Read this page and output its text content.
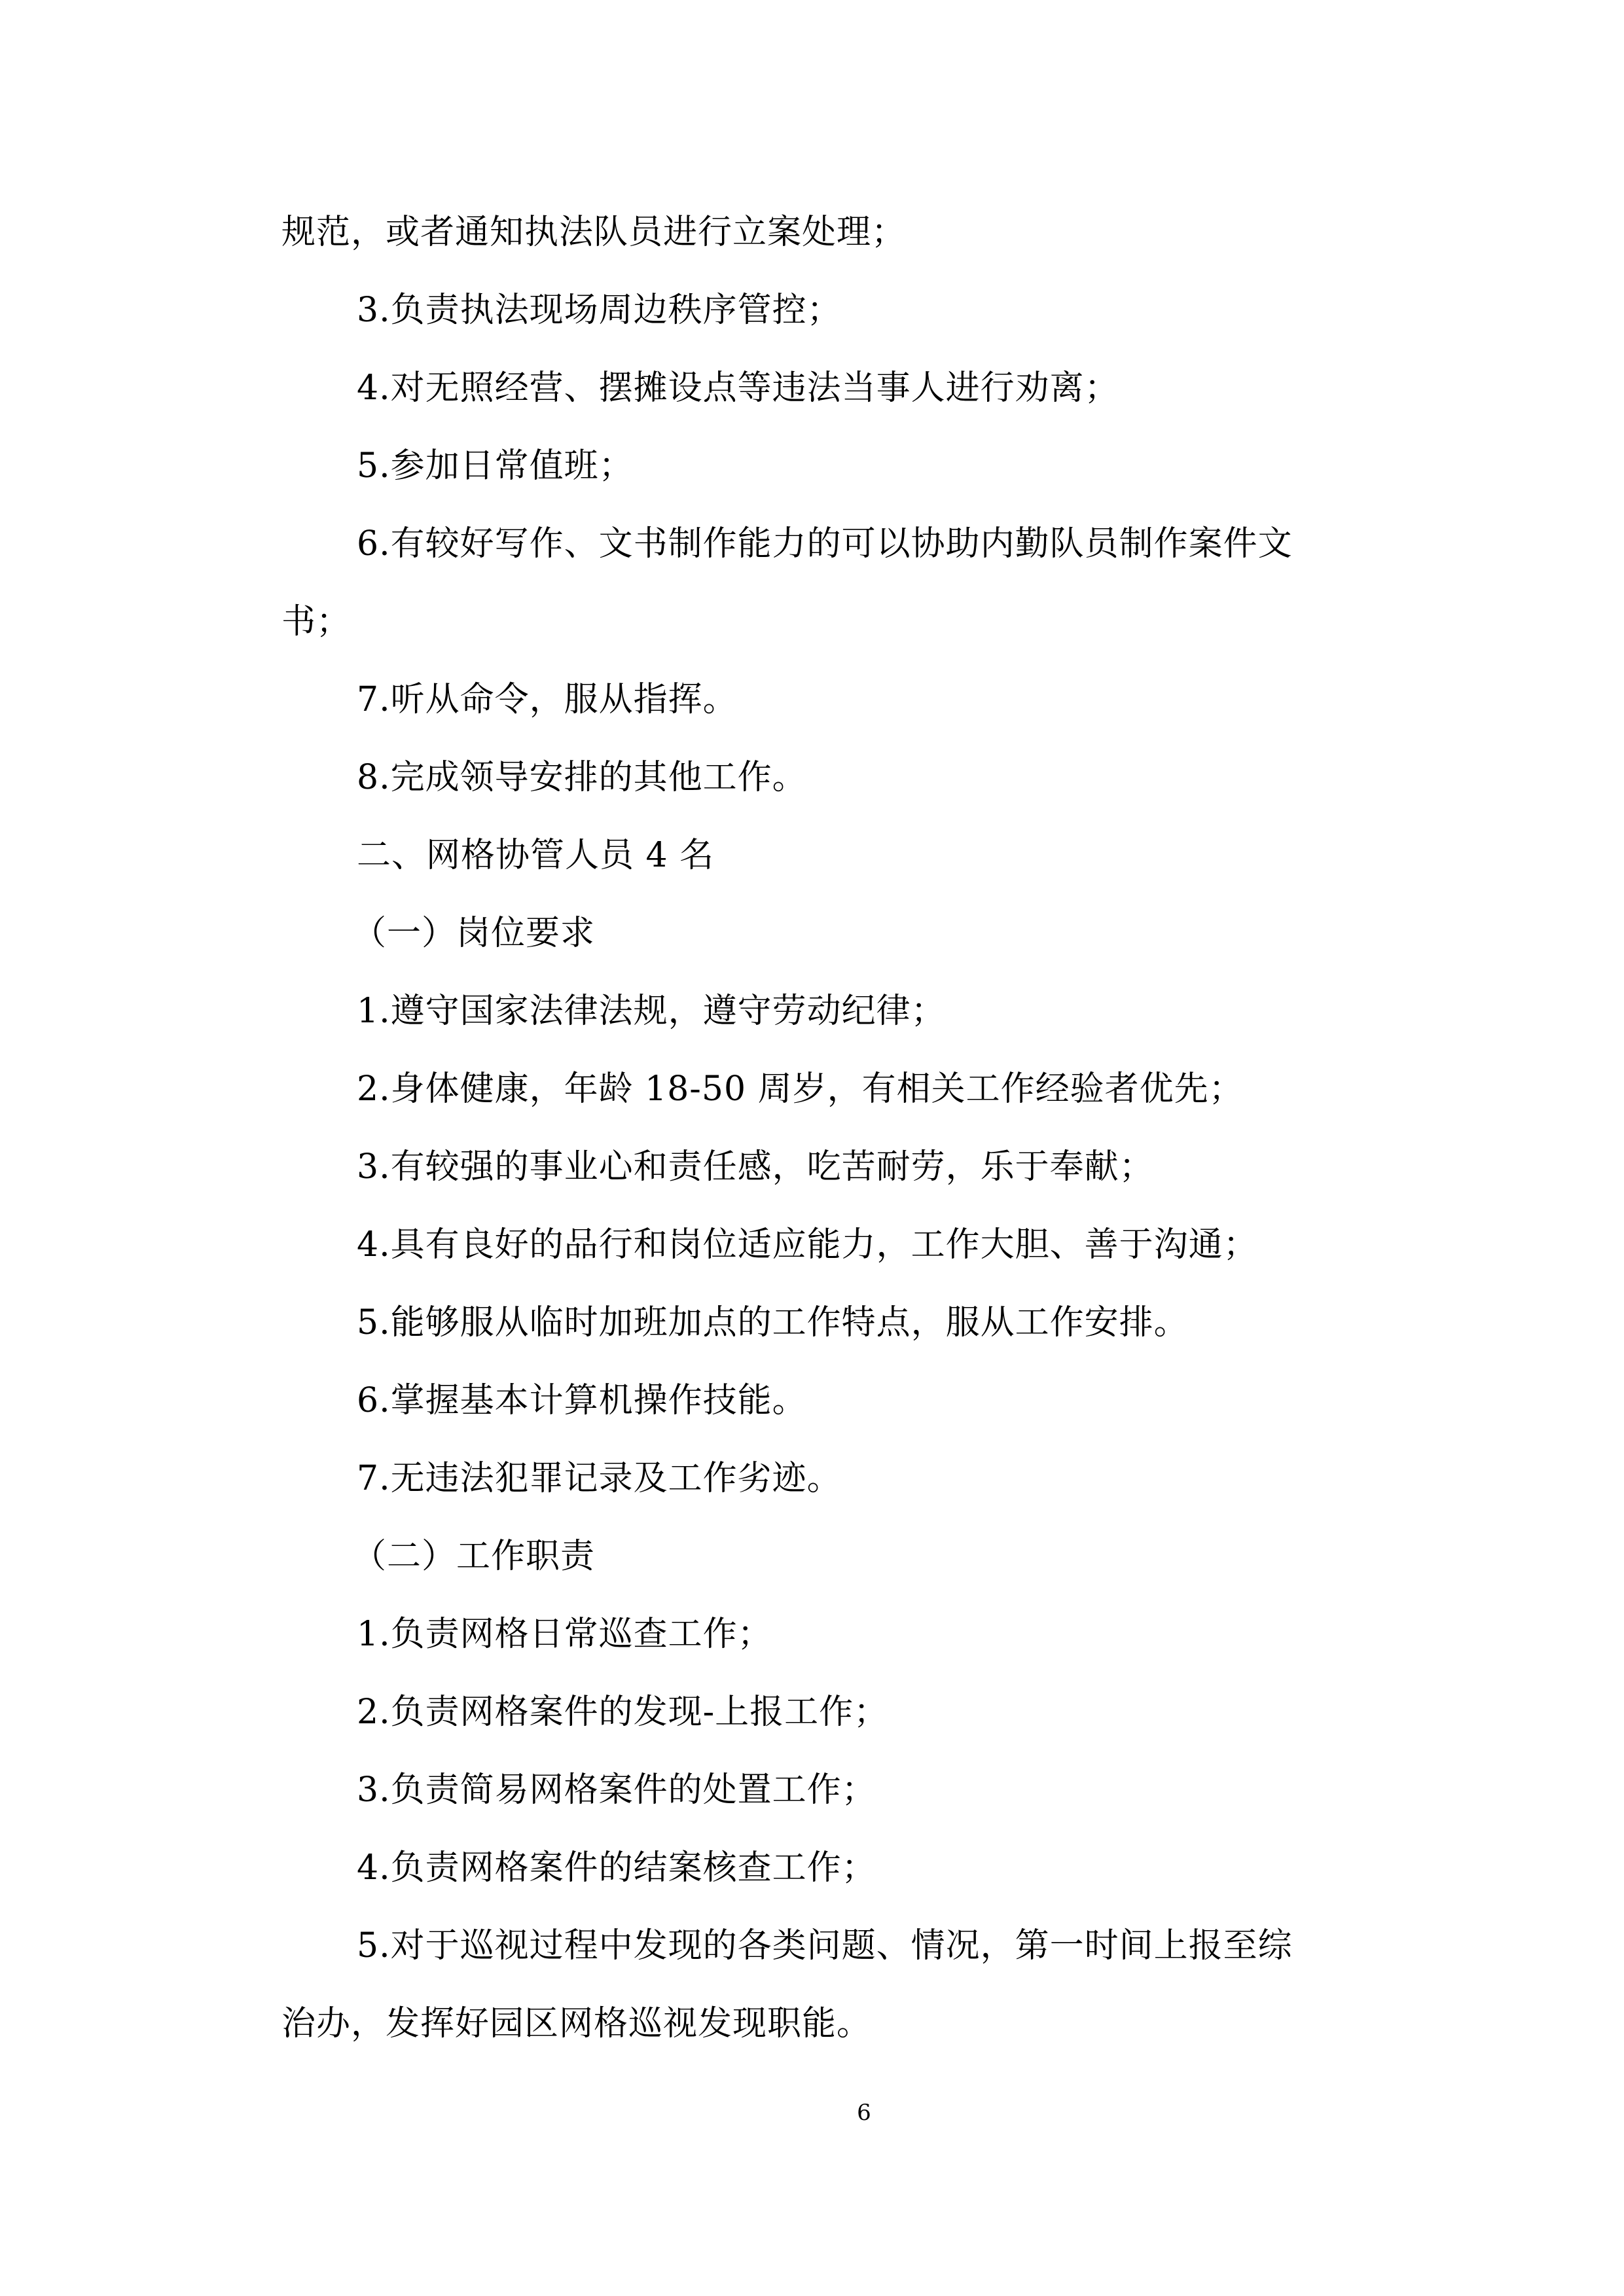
规范，或者通知执法队员进行立案处理；
3.负责执法现场周边秩序管控；
4.对无照经营、摆摊设点等违法当事人进行劝离；
5.参加日常值班；
6.有较好写作、文书制作能力的可以协助内勤队员制作案件文
书；
7.听从命令，服从指挥。
8.完成领导安排的其他工作。
二、网格协管人员 4 名
（一）岗位要求
1.遵守国家法律法规，遵守劳动纪律；
2.身体健康，年龄 18-50 周岁，有相关工作经验者优先；
3.有较强的事业心和责任感，吃苦耐劳，乐于奉献；
4.具有良好的品行和岗位适应能力，工作大胆、善于沟通；
5.能够服从临时加班加点的工作特点，服从工作安排。
6.掌握基本计算机操作技能。
7.无违法犯罪记录及工作劣迹。
（二）工作职责
1.负责网格日常巡查工作；
2.负责网格案件的发现-上报工作；
3.负责简易网格案件的处置工作；
4.负责网格案件的结案核查工作；
5.对于巡视过程中发现的各类问题、情况，第一时间上报至综
治办，发挥好园区网格巡视发现职能。
6
